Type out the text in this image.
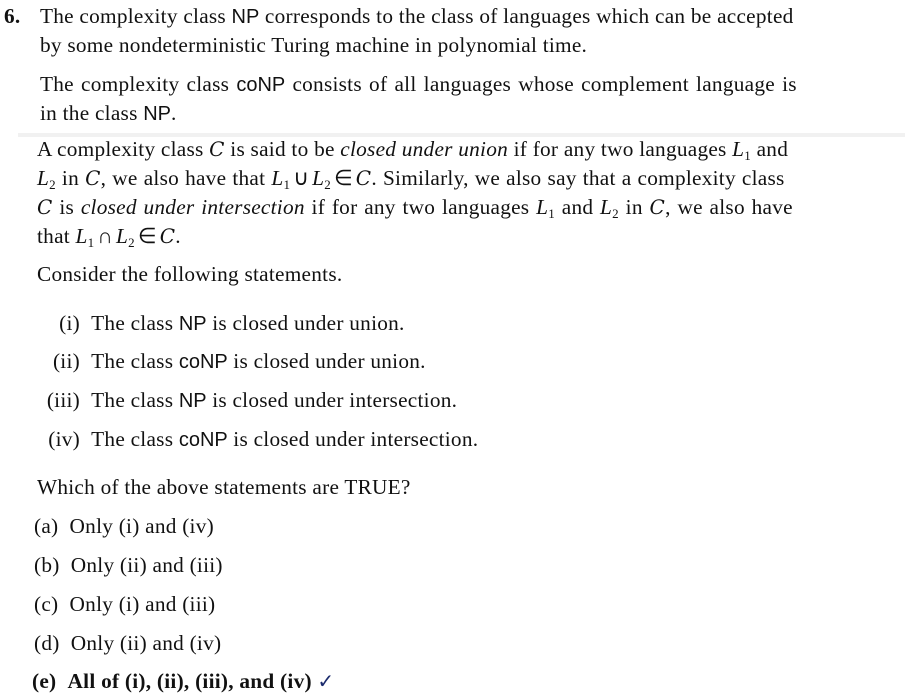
6. The complexity class NP corresponds to the class of languages which can be accepted
by some nondeterministic Turing machine in polynomial time.
The complexity class coNP consists of all languages whose complement language is
in the class NP.
A complexity class C is said to be closed under union if for any two languages $L_1$ and
$L_2$ in C, we also have that $L_1$ ∪ $L_2$ ∈ C. Similarly, we also say that a complexity class
C is closed under intersection if for any two languages $L_1$ and $L_2$ in C, we also have
that $L_1$ ∩ $L_2$ ∈ C.
Consider the following statements.
(i) The class NP is closed under union.
(ii) The class coNP is closed under union.
(iii) The class NP is closed under intersection.
(iv) The class coNP is closed under intersection.
Which of the above statements are TRUE?
(a) Only (i) and (iv)
(b) Only (ii) and (iii)
(c) Only (i) and (iii)
(d) Only (ii) and (iv)
(e) All of (i), (ii), (iii), and (iv) ✓
